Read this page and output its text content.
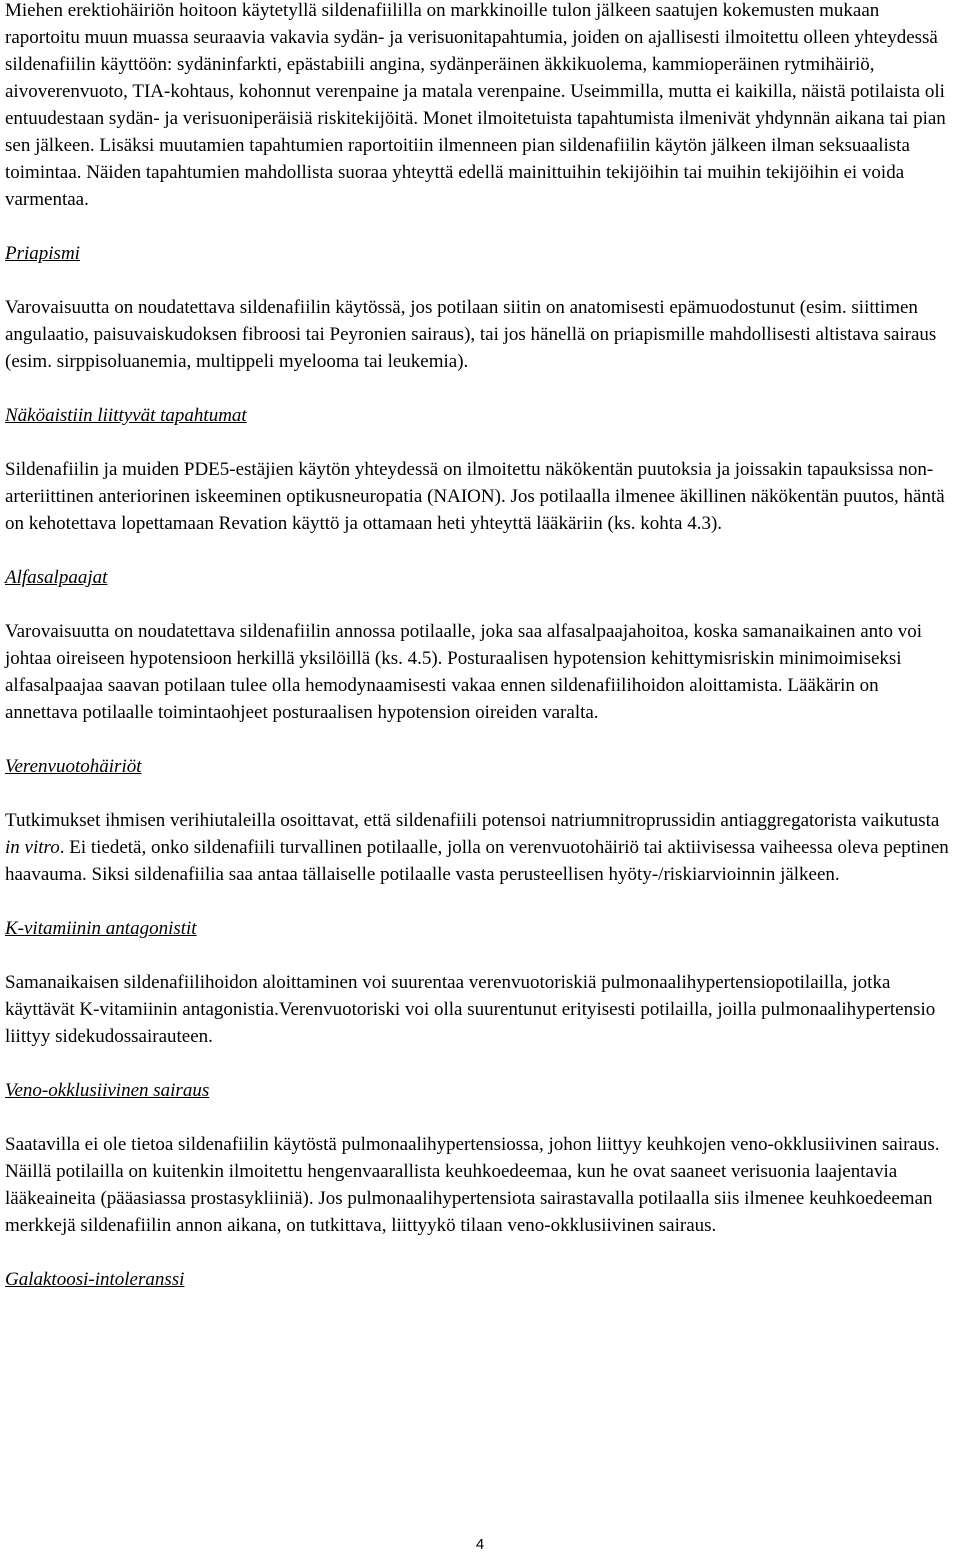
Miehen erektiohäiriön hoitoon käytetyllä sildenafiililla on markkinoille tulon jälkeen saatujen kokemusten mukaan raportoitu muun muassa seuraavia vakavia sydän- ja verisuonitapahtumia, joiden on ajallisesti ilmoitettu olleen yhteydessä sildenafiilin käyttöön: sydäninfarkti, epästabiili angina, sydänperäinen äkkikuolema, kammioperäinen rytmihäiriö, aivoverenvuoto, TIA-kohtaus, kohonnut verenpaine ja matala verenpaine. Useimmilla, mutta ei kaikilla, näistä potilaista oli entuudestaan sydän- ja verisuoniperäisiä riskitekijöitä. Monet ilmoitetuista tapahtumista ilmenivät yhdynnän aikana tai pian sen jälkeen. Lisäksi muutamien tapahtumien raportoitiin ilmenneen pian sildenafiilin käytön jälkeen ilman seksuaalista toimintaa. Näiden tapahtumien mahdollista suoraa yhteyttä edellä mainittuihin tekijöihin tai muihin tekijöihin ei voida varmentaa.

Priapismi

Varovaisuutta on noudatettava sildenafiilin käytössä, jos potilaan siitin on anatomisesti epämuodostunut (esim. siittimen angulaatio, paisuvaiskudoksen fibroosi tai Peyronien sairaus), tai jos hänellä on priapismille mahdollisesti altistava sairaus (esim. sirppisoluanemia, multippeli myelooma tai leukemia).

Näköaistiin liittyvät tapahtumat

Sildenafiilin ja muiden PDE5-estäjien käytön yhteydessä on ilmoitettu näkökentän puutoksia ja joissakin tapauksissa non-arteriittinen anteriorinen iskeeminen optikusneuropatia (NAION). Jos potilaalla ilmenee äkillinen näkökentän puutos, häntä on kehotettava lopettamaan Revation käyttö ja ottamaan heti yhteyttä lääkäriin (ks. kohta 4.3).

Alfasalpaajat

Varovaisuutta on noudatettava sildenafiilin annossa potilaalle, joka saa alfasalpaajahoitoa, koska samanaikainen anto voi johtaa oireiseen hypotensioon herkillä yksilöillä (ks. 4.5). Posturaalisen hypotension kehittymisriskin minimoimiseksi alfasalpaajaa saavan potilaan tulee olla hemodynaamisesti vakaa ennen sildenafiilihoidon aloittamista. Lääkärin on annettava potilaalle toimintaohjeet posturaalisen hypotension oireiden varalta.

Verenvuotohäiriöt

Tutkimukset ihmisen verihiutaleilla osoittavat, että sildenafiili potensoi natriumnitroprussidin antiaggregatorista vaikutusta in vitro. Ei tiedetä, onko sildenafiili turvallinen potilaalle, jolla on verenvuotohäiriö tai aktiivisessa vaiheessa oleva peptinen haavauma. Siksi sildenafiilia saa antaa tällaiselle potilaalle vasta perusteellisen hyöty-/riskiarvioinnin jälkeen.

K-vitamiinin antagonistit

Samanaikaisen sildenafiilihoidon aloittaminen voi suurentaa verenvuotoriskiä pulmonaalihypertensiopotilailla, jotka käyttävät K-vitamiinin antagonistia.Verenvuotoriski voi olla suurentunut erityisesti potilailla, joilla pulmonaalihypertensio liittyy sidekudossairauteen.

Veno-okklusiivinen sairaus

Saatavilla ei ole tietoa sildenafiilin käytöstä pulmonaalihypertensiossa, johon liittyy keuhkojen veno-okklusiivinen sairaus. Näillä potilailla on kuitenkin ilmoitettu hengenvaarallista keuhkoedeemaa, kun he ovat saaneet verisuonia laajentavia lääkeaineita (pääasiassa prostasykliiniä). Jos pulmonaalihypertensiota sairastavalla potilaalla siis ilmenee keuhkoedeeman merkkejä sildenafiilin annon aikana, on tutkittava, liittyykö tilaan veno-okklusiivinen sairaus.

Galaktoosi-intoleranssi

4
